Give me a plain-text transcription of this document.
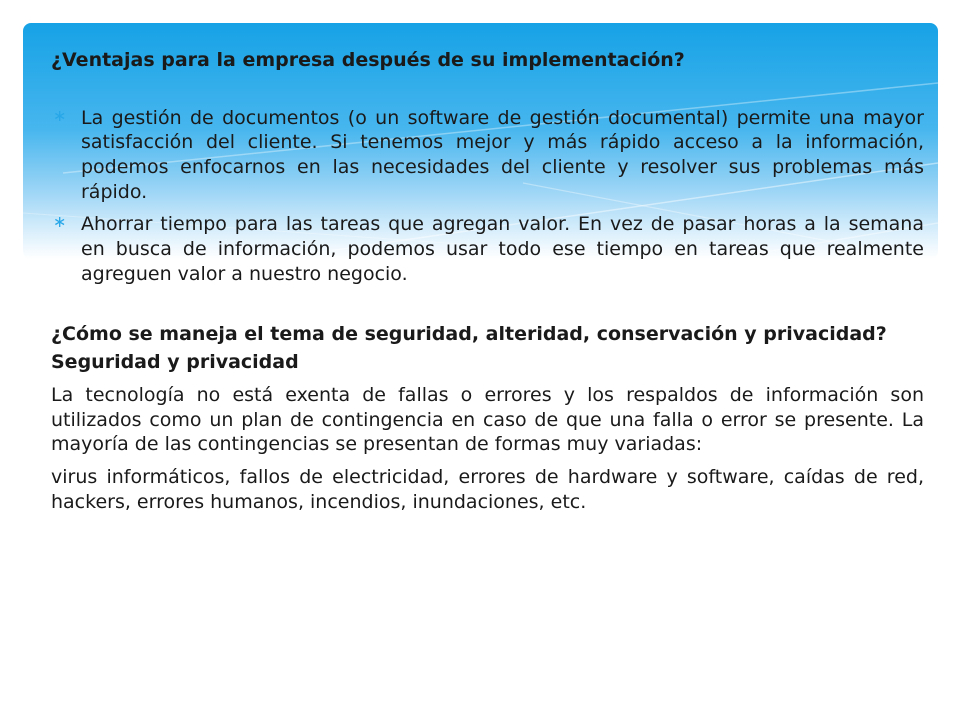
¿Ventajas para la empresa después de su implementación?

∗ La gestión de documentos (o un software de gestión documental) permite una mayor satisfacción del cliente. Si tenemos mejor y más rápido acceso a la información, podemos enfocarnos en las necesidades del cliente y resolver sus problemas más rápido.

∗ Ahorrar tiempo para las tareas que agregan valor. En vez de pasar horas a la semana en busca de información, podemos usar todo ese tiempo en tareas que realmente agreguen valor a nuestro negocio.

¿Cómo se maneja el tema de seguridad, alteridad, conservación y privacidad?

Seguridad y privacidad

La tecnología no está exenta de fallas o errores y los respaldos de información son utilizados como un plan de contingencia en caso de que una falla o error se presente. La mayoría de las contingencias se presentan de formas muy variadas:

virus informáticos, fallos de electricidad, errores de hardware y software, caídas de red, hackers, errores humanos, incendios, inundaciones, etc.
